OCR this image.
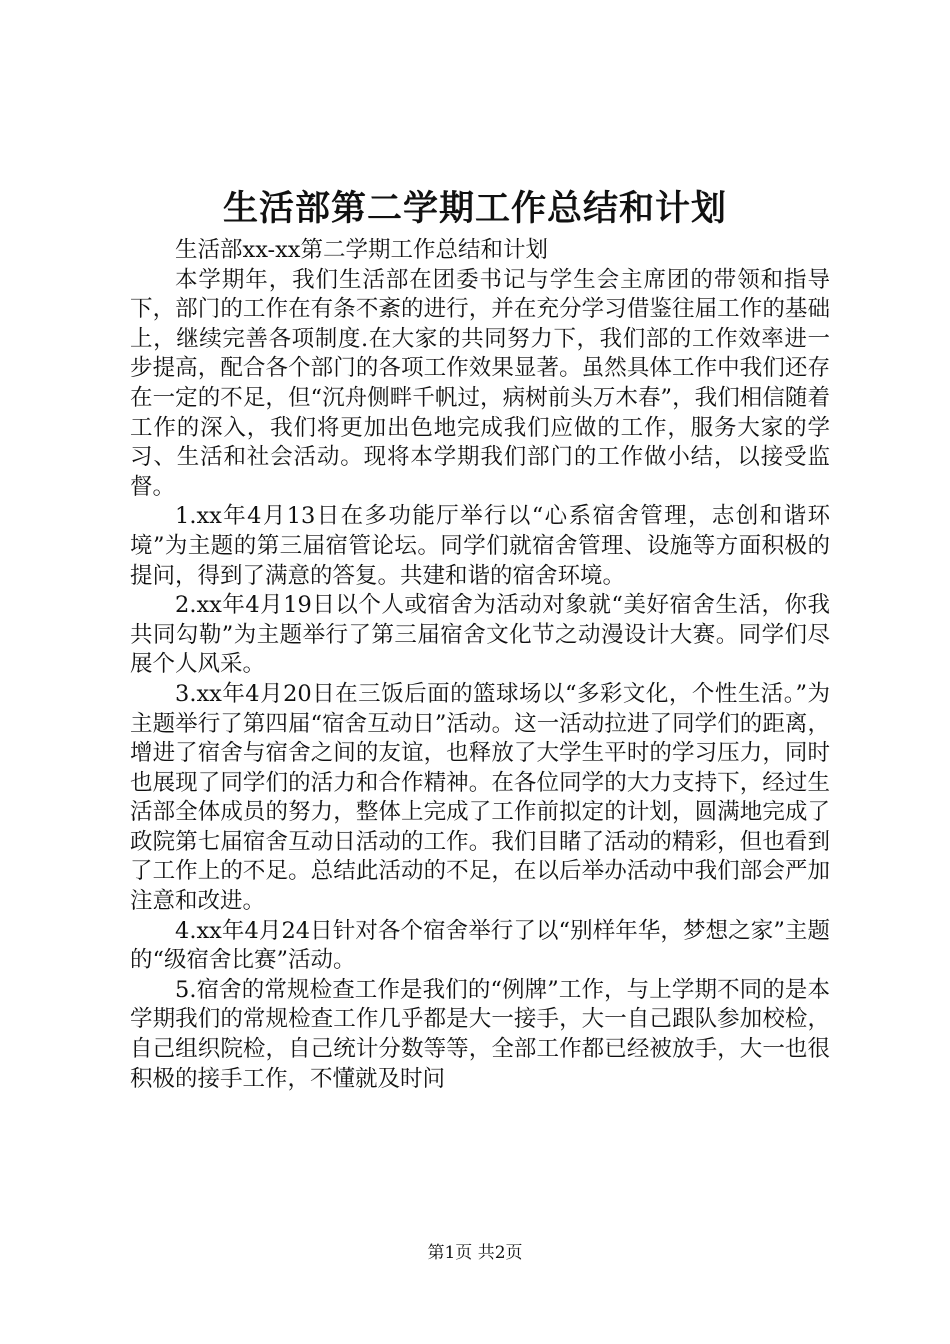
生活部第二学期工作总结和计划

生活部xx-xx第二学期工作总结和计划

本学期年，我们生活部在团委书记与学生会主席团的带领和指导下，部门的工作在有条不紊的进行，并在充分学习借鉴往届工作的基础上，继续完善各项制度.在大家的共同努力下，我们部的工作效率进一步提高，配合各个部门的各项工作效果显著。虽然具体工作中我们还存在一定的不足，但“沉舟侧畔千帆过，病树前头万木春”，我们相信随着工作的深入，我们将更加出色地完成我们应做的工作，服务大家的学习、生活和社会活动。现将本学期我们部门的工作做小结，以接受监督。

1.xx年4月13日在多功能厅举行以“心系宿舍管理，志创和谐环境”为主题的第三届宿管论坛。同学们就宿舍管理、设施等方面积极的提问，得到了满意的答复。共建和谐的宿舍环境。

2.xx年4月19日以个人或宿舍为活动对象就“美好宿舍生活，你我共同勾勒”为主题举行了第三届宿舍文化节之动漫设计大赛。同学们尽展个人风采。

3.xx年4月20日在三饭后面的篮球场以“多彩文化，个性生活。”为主题举行了第四届“宿舍互动日”活动。这一活动拉进了同学们的距离，增进了宿舍与宿舍之间的友谊，也释放了大学生平时的学习压力，同时也展现了同学们的活力和合作精神。在各位同学的大力支持下，经过生活部全体成员的努力，整体上完成了工作前拟定的计划，圆满地完成了政院第七届宿舍互动日活动的工作。我们目睹了活动的精彩，但也看到了工作上的不足。总结此活动的不足，在以后举办活动中我们部会严加注意和改进。

4.xx年4月24日针对各个宿舍举行了以“别样年华，梦想之家”主题的“级宿舍比赛”活动。

5.宿舍的常规检查工作是我们的“例牌”工作，与上学期不同的是本学期我们的常规检查工作几乎都是大一接手，大一自己跟队参加校检，自己组织院检，自己统计分数等等，全部工作都已经被放手，大一也很积极的接手工作，不懂就及时问

第1页 共2页
